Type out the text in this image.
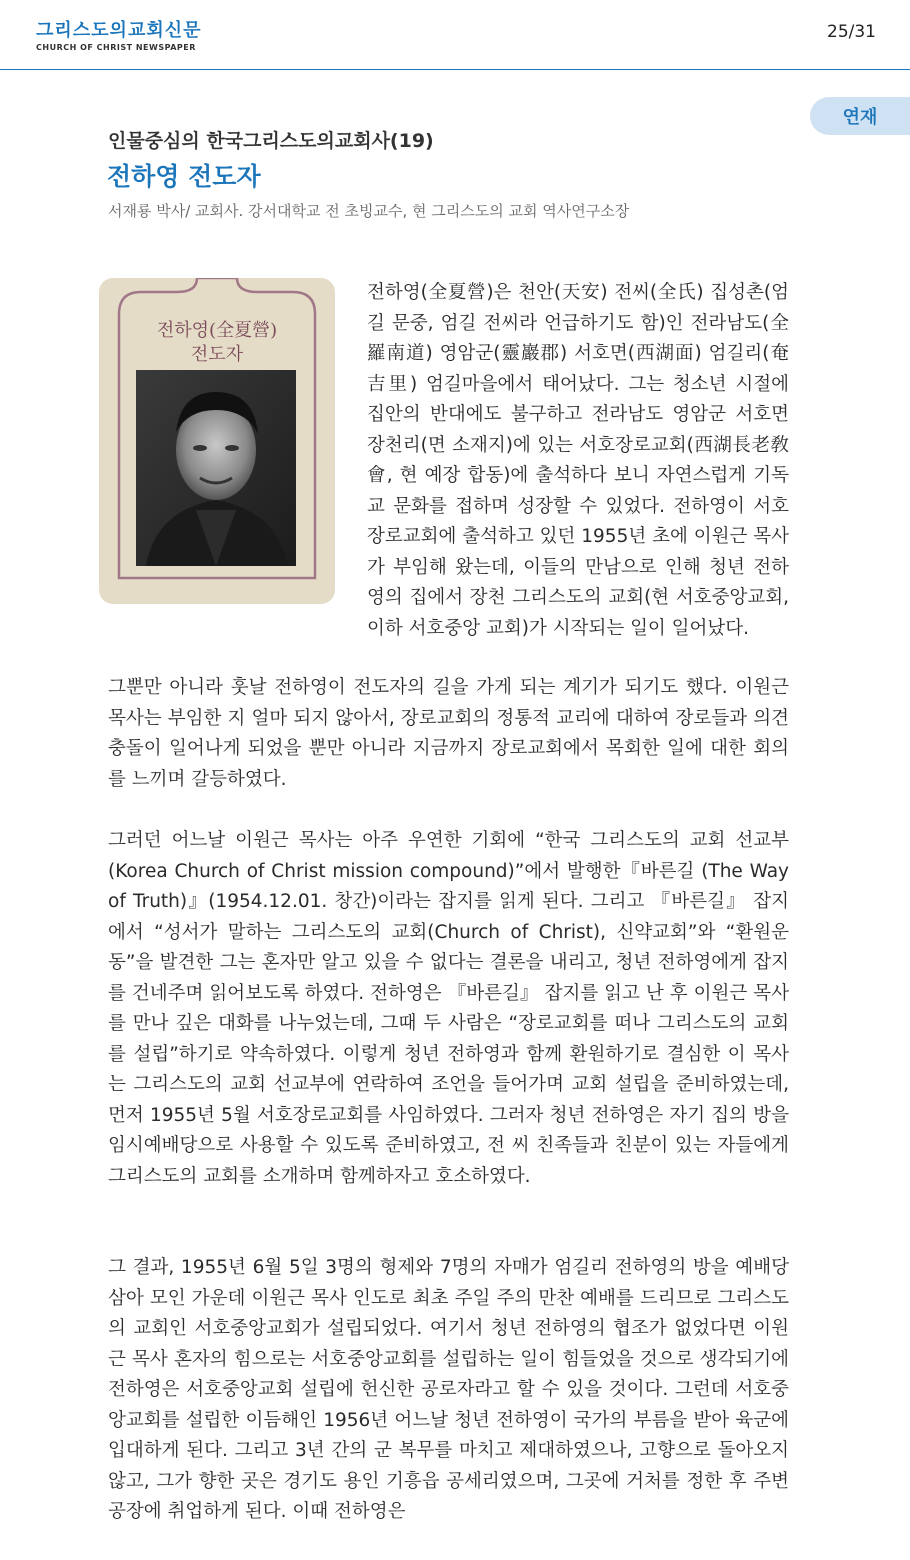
그리스도의교회신문
CHURCH OF CHRIST NEWSPAPER
25/31
연재
인물중심의 한국그리스도의교회사(19)
전하영 전도자
서재룡 박사/ 교회사. 강서대학교 전 초빙교수, 현 그리스도의 교회 역사연구소장
전하영(全夏營)
전도자

전하영(全夏營)은 천안(天安) 전씨(全氏) 집성촌(엄길 문중, 엄길 전씨라 언급하기도 함)인 전라남도(全羅南道) 영암군(靈巖郡) 서호면(西湖面) 엄길리(奄吉里) 엄길마을에서 태어났다. 그는 청소년 시절에 집안의 반대에도 불구하고 전라남도 영암군 서호면 장천리(면 소재지)에 있는 서호장로교회(西湖長老敎會, 현 예장 합동)에 출석하다 보니 자연스럽게 기독교 문화를 접하며 성장할 수 있었다. 전하영이 서호장로교회에 출석하고 있던 1955년 초에 이원근 목사가 부임해 왔는데, 이들의 만남으로 인해 청년 전하영의 집에서 장천 그리스도의 교회(현 서호중앙교회, 이하 서호중앙 교회)가 시작되는 일이 일어났다.

그뿐만 아니라 훗날 전하영이 전도자의 길을 가게 되는 계기가 되기도 했다. 이원근 목사는 부임한 지 얼마 되지 않아서, 장로교회의 정통적 교리에 대하여 장로들과 의견충돌이 일어나게 되었을 뿐만 아니라 지금까지 장로교회에서 목회한 일에 대한 회의를 느끼며 갈등하였다.

그러던 어느날 이원근 목사는 아주 우연한 기회에 “한국 그리스도의 교회 선교부(Korea Church of Christ mission compound)”에서 발행한『바른길 (The Way of Truth)』(1954.12.01. 창간)이라는 잡지를 읽게 된다. 그리고 『바른길』 잡지에서 “성서가 말하는 그리스도의 교회(Church of Christ), 신약교회”와 “환원운동”을 발견한 그는 혼자만 알고 있을 수 없다는 결론을 내리고, 청년 전하영에게 잡지를 건네주며 읽어보도록 하였다. 전하영은 『바른길』 잡지를 읽고 난 후 이원근 목사를 만나 깊은 대화를 나누었는데, 그때 두 사람은 “장로교회를 떠나 그리스도의 교회를 설립”하기로 약속하였다. 이렇게 청년 전하영과 함께 환원하기로 결심한 이 목사는 그리스도의 교회 선교부에 연락하여 조언을 들어가며 교회 설립을 준비하였는데, 먼저 1955년 5월 서호장로교회를 사임하였다. 그러자 청년 전하영은 자기 집의 방을 임시예배당으로 사용할 수 있도록 준비하였고, 전 씨 친족들과 친분이 있는 자들에게 그리스도의 교회를 소개하며 함께하자고 호소하였다.

그 결과, 1955년 6월 5일 3명의 형제와 7명의 자매가 엄길리 전하영의 방을 예배당 삼아 모인 가운데 이원근 목사 인도로 최초 주일 주의 만찬 예배를 드리므로 그리스도의 교회인 서호중앙교회가 설립되었다. 여기서 청년 전하영의 협조가 없었다면 이원근 목사 혼자의 힘으로는 서호중앙교회를 설립하는 일이 힘들었을 것으로 생각되기에 전하영은 서호중앙교회 설립에 헌신한 공로자라고 할 수 있을 것이다. 그런데 서호중앙교회를 설립한 이듬해인 1956년 어느날 청년 전하영이 국가의 부름을 받아 육군에 입대하게 된다. 그리고 3년 간의 군 복무를 마치고 제대하였으나, 고향으로 돌아오지 않고, 그가 향한 곳은 경기도 용인 기흥읍 공세리였으며, 그곳에 거처를 정한 후 주변 공장에 취업하게 된다. 이때 전하영은
